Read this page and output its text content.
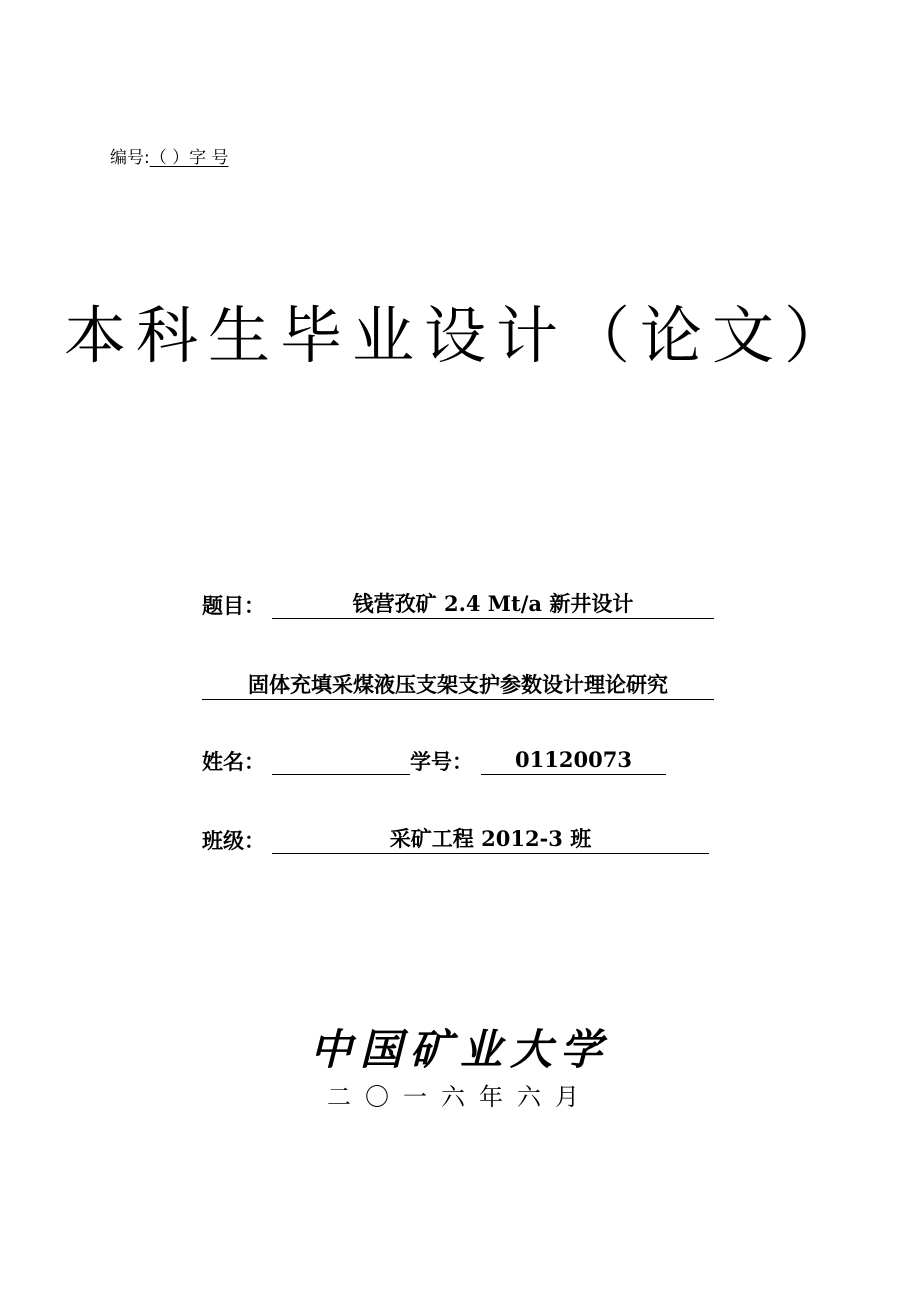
编号:（ ）字 号
本科生毕业设计（论文）
题目：	钱营孜矿 2.4 Mt/a 新井设计
固体充填采煤液压支架支护参数设计理论研究
姓名：	学号：	01120073
班级：	采矿工程 2012-3 班
中国矿业大学
二〇一六年六月
